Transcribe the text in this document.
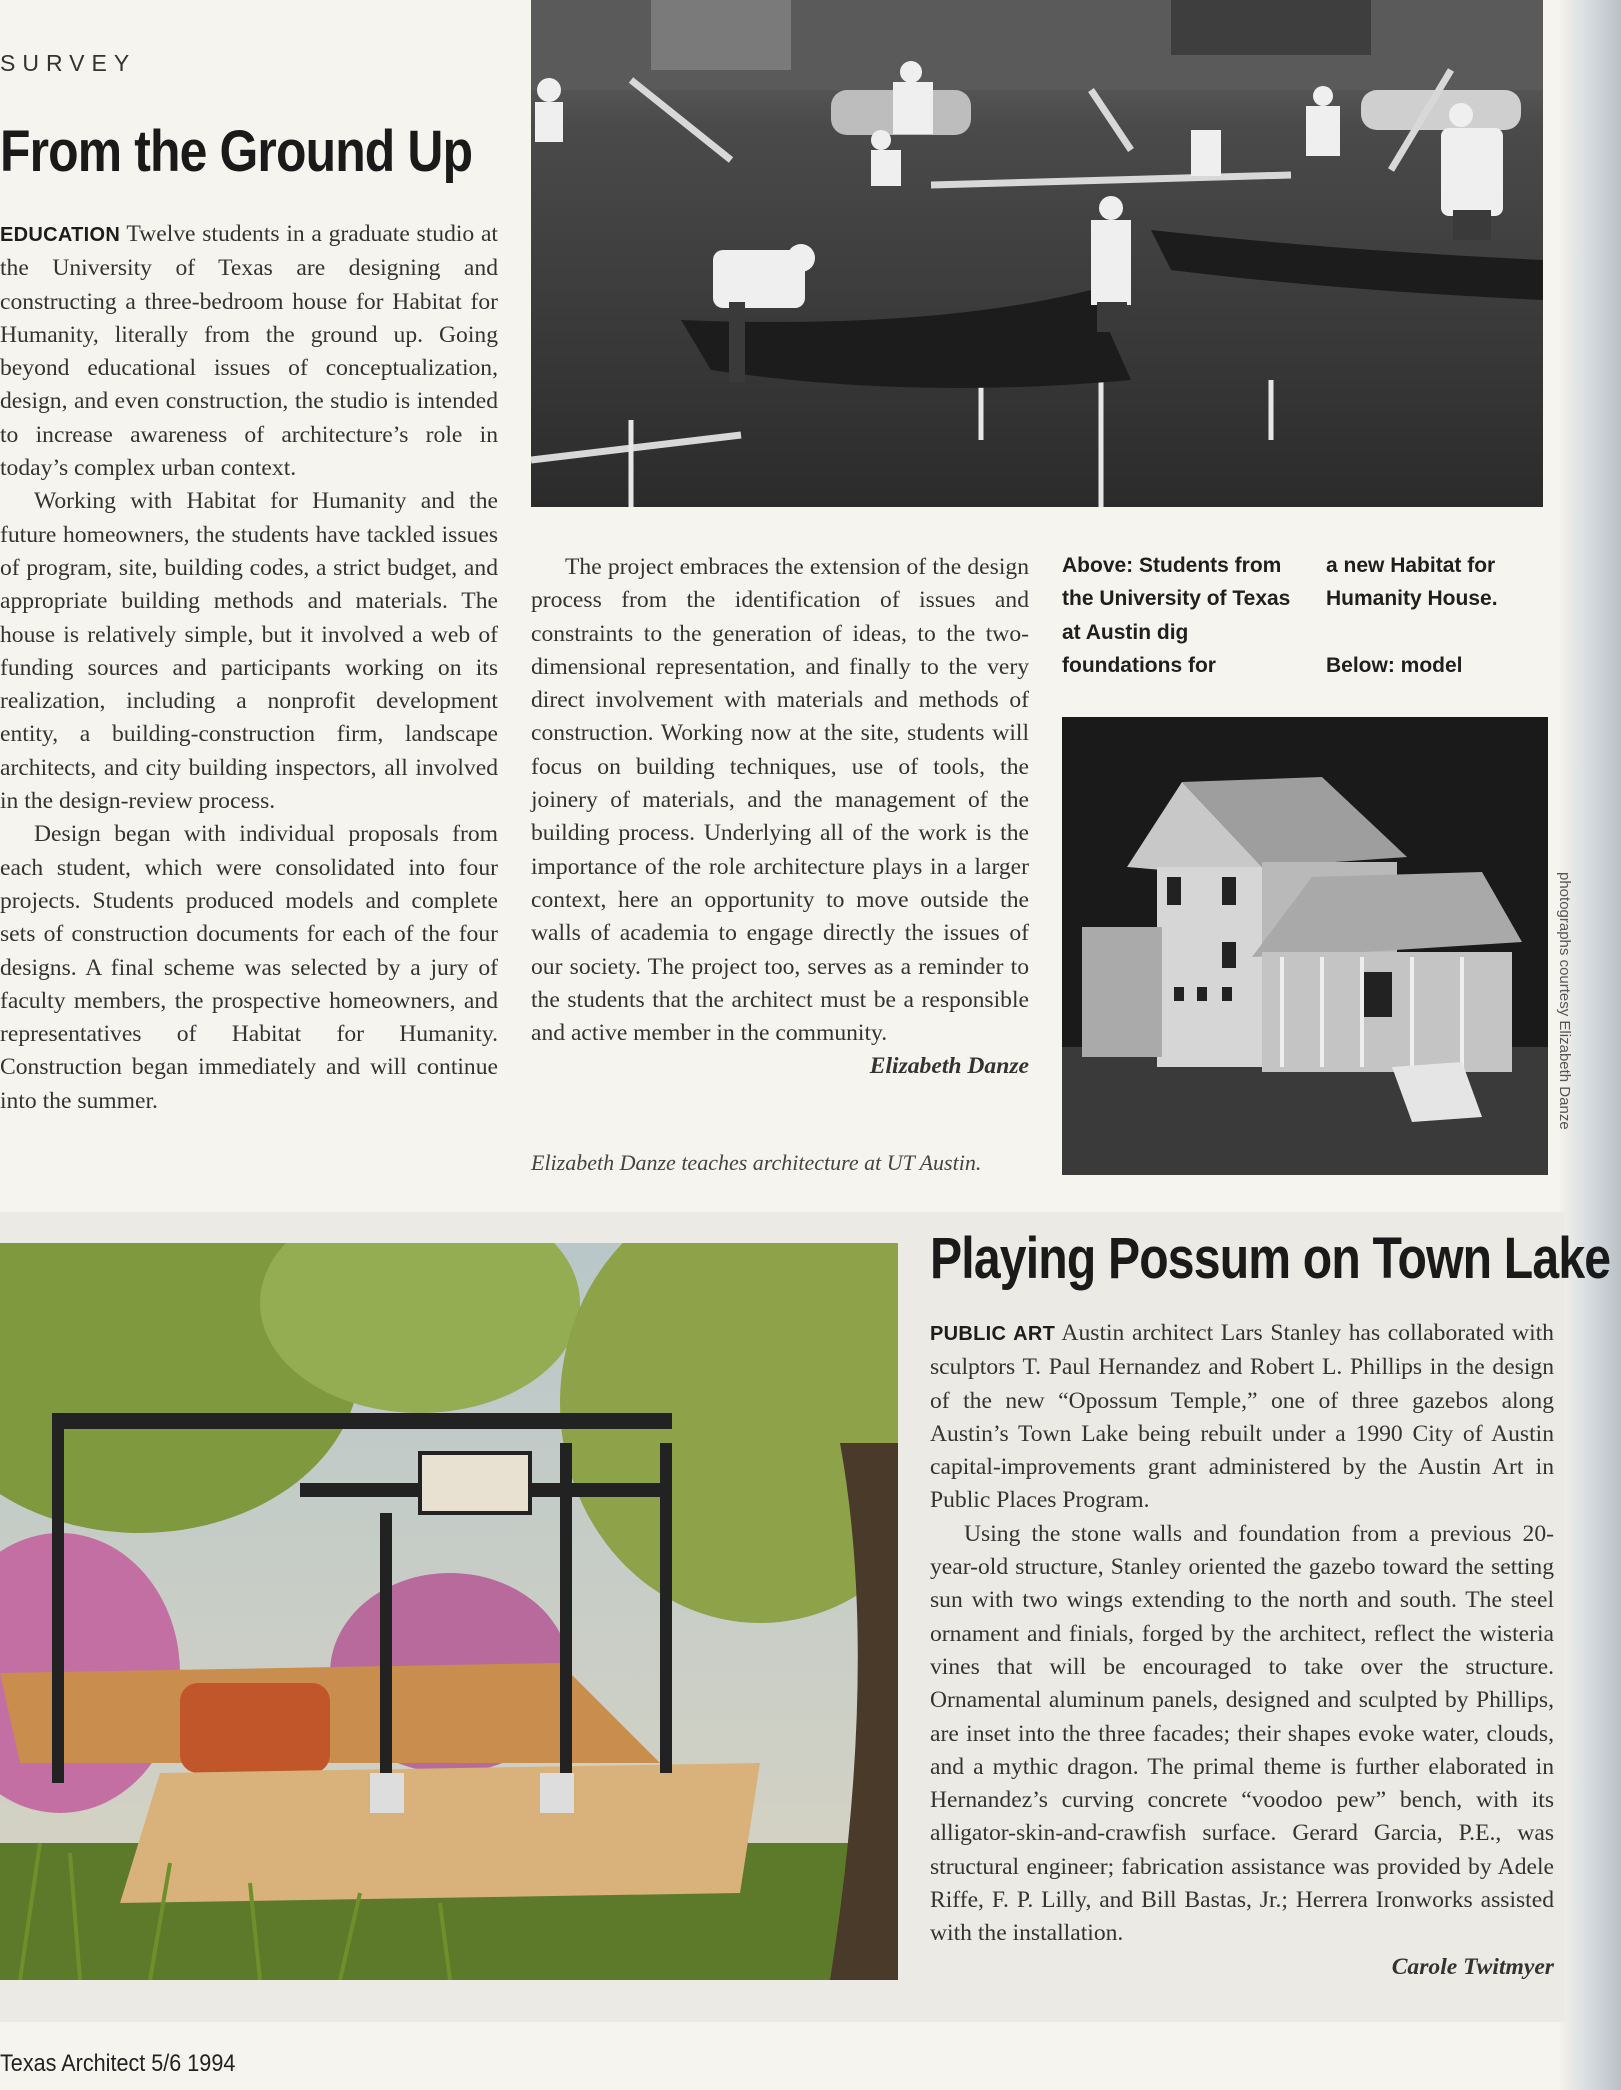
SURVEY
From the Ground Up

EDUCATION Twelve students in a graduate studio at the University of Texas are designing and constructing a three-bedroom house for Habitat for Humanity, literally from the ground up. Going beyond educational issues of conceptualization, design, and even construction, the studio is intended to increase awareness of architecture’s role in today’s complex urban context.

Working with Habitat for Humanity and the future homeowners, the students have tackled issues of program, site, building codes, a strict budget, and appropriate building methods and materials. The house is relatively simple, but it involved a web of funding sources and participants working on its realization, including a nonprofit development entity, a building-construction firm, landscape architects, and city building inspectors, all involved in the design-review process.

Design began with individual proposals from each student, which were consolidated into four projects. Students produced models and complete sets of construction documents for each of the four designs. A final scheme was selected by a jury of faculty members, the prospective homeowners, and representatives of Habitat for Humanity. Construction began immediately and will continue into the summer.

The project embraces the extension of the design process from the identification of issues and constraints to the generation of ideas, to the two-dimensional representation, and finally to the very direct involvement with materials and methods of construction. Working now at the site, students will focus on building techniques, use of tools, the joinery of materials, and the management of the building process. Underlying all of the work is the importance of the role architecture plays in a larger context, here an opportunity to move outside the walls of academia to engage directly the issues of our society. The project too, serves as a reminder to the students that the architect must be a responsible and active member in the community.

Elizabeth Danze

Elizabeth Danze teaches architecture at UT Austin.
Above: Students from the University of Texas at Austin dig foundations for
a new Habitat for Humanity House.
Below: model
photographs courtesy Elizabeth Danze
Playing Possum on Town Lake

PUBLIC ART Austin architect Lars Stanley has collaborated with sculptors T. Paul Hernandez and Robert L. Phillips in the design of the new “Opossum Temple,” one of three gazebos along Austin’s Town Lake being rebuilt under a 1990 City of Austin capital-improvements grant administered by the Austin Art in Public Places Program.

Using the stone walls and foundation from a previous 20-year-old structure, Stanley oriented the gazebo toward the setting sun with two wings extending to the north and south. The steel ornament and finials, forged by the architect, reflect the wisteria vines that will be encouraged to take over the structure. Ornamental aluminum panels, designed and sculpted by Phillips, are inset into the three facades; their shapes evoke water, clouds, and a mythic dragon. The primal theme is further elaborated in Hernandez’s curving concrete “voodoo pew” bench, with its alligator-skin-and-crawfish surface. Gerard Garcia, P.E., was structural engineer; fabrication assistance was provided by Adele Riffe, F. P. Lilly, and Bill Bastas, Jr.; Herrera Ironworks assisted with the installation.

Carole Twitmyer

Texas Architect 5/6 1994
